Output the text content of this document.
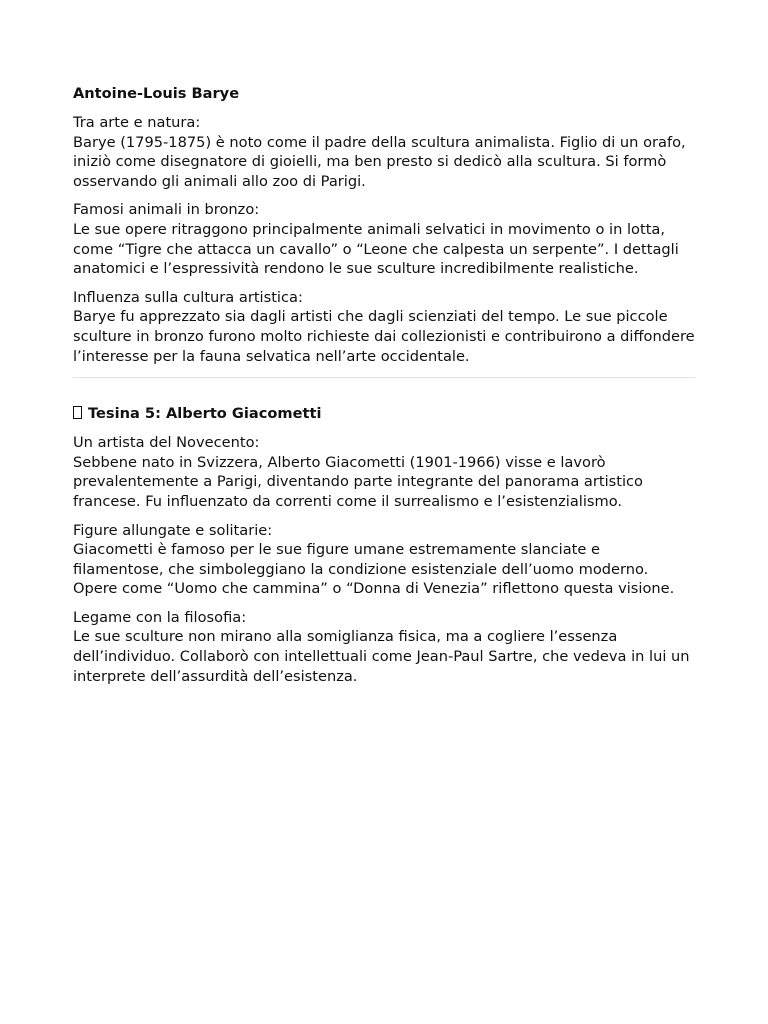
Antoine-Louis Barye
Tra arte e natura:
Barye (1795-1875) è noto come il padre della scultura animalista. Figlio di un orafo, iniziò come disegnatore di gioielli, ma ben presto si dedicò alla scultura. Si formò osservando gli animali allo zoo di Parigi.
Famosi animali in bronzo:
Le sue opere ritraggono principalmente animali selvatici in movimento o in lotta, come “Tigre che attacca un cavallo” o “Leone che calpesta un serpente”. I dettagli anatomici e l’espressività rendono le sue sculture incredibilmente realistiche.
Influenza sulla cultura artistica:
Barye fu apprezzato sia dagli artisti che dagli scienziati del tempo. Le sue piccole sculture in bronzo furono molto richieste dai collezionisti e contribuirono a diffondere l’interesse per la fauna selvatica nell’arte occidentale.
Tesina 5: Alberto Giacometti
Un artista del Novecento:
Sebbene nato in Svizzera, Alberto Giacometti (1901-1966) visse e lavorò prevalentemente a Parigi, diventando parte integrante del panorama artistico francese. Fu influenzato da correnti come il surrealismo e l’esistenzialismo.
Figure allungate e solitarie:
Giacometti è famoso per le sue figure umane estremamente slanciate e filamentose, che simboleggiano la condizione esistenziale dell’uomo moderno. Opere come “Uomo che cammina” o “Donna di Venezia” riflettono questa visione.
Legame con la filosofia:
Le sue sculture non mirano alla somiglianza fisica, ma a cogliere l’essenza dell’individuo. Collaborò con intellettuali come Jean-Paul Sartre, che vedeva in lui un interprete dell’assurdità dell’esistenza.
